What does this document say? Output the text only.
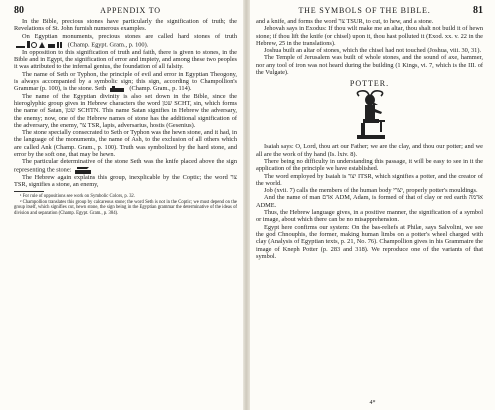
80	APPENDIX TO

In the Bible, precious stones have particularly the signification of truth; the Revelations of St. John furnish numerous examples.

On Egyptian monuments, precious stones are called hard stones of truth
(Champ. Egypt. Gram., p. 100).

In opposition to this signification of truth and faith, there is given to stones, in the Bible and in Egypt, the signification of error and impiety, and among these two peoples it was attributed to the infernal genius, the foundation of all falsity.

The name of Seth or Typhon, the principle of evil and error in Egyptian Theogony, is always accompanied by a symbolic sign; this sign, according to Champollion's Grammar (p. 100), is the stone. Seth	(Champ. Gram., p. 114).

The name of the Egyptian divinity is also set down in the Bible, since the hieroglyphic group gives in Hebrew characters the word שטן SCHT, sin, which forms the name of Satan, שטן SCHTN. This name Satan signifies in Hebrew the adversary, the enemy; now, one of the Hebrew names of stone has the additional signification of the adversary, the enemy, צר TSR, lapis, adversarius, hostis (Gesenius).

The stone specially consecrated to Seth or Typhon was the hewn stone, and it had, in the language of the monuments, the name of Ash, to the exclusion of all others which are called Ank (Champ. Gram., p. 100). Truth was symbolized by the hard stone, and error by the soft one, that may be hewn.

The particular determinative of the stone Seth was the knife placed above the sign representing the stone:

The Hebrew again explains this group, inexplicable by the Coptic; the word צר TSR, signifies a stone, an enemy,

¹ For rule of oppositions see work on Symbolic Colors, p. 32.

² Champollion translates this group by calcareous stone; the word Seth is not in the Coptic; we must depend on the group itself, which signifies cut, hewn stone, the sign being in the Egyptian grammar the determinative of the ideas of division and separation (Champ. Egypt. Gram., p. 384).

THE SYMBOLS OF THE BIBLE.	81

and a knife, and forms the word צר TSUR, to cut, to hew, and a stone.

Jehovah says in Exodus: If thou wilt make me an altar, thou shalt not build it of hewn stone; if thou lift the knife (or chisel) upon it, thou hast polluted it (Exod. xx. v. 22 in the Hebrew, 25 in the translations).

Joshua built an altar of stones, which the chisel had not touched (Joshua, viii. 30, 31).

The Temple of Jerusalem was built of whole stones, and the sound of axe, hammer, nor any tool of iron was not heard during the building (1 Kings, vi. 7, which is the III. of the Vulgate).

POTTER.

Isaiah says: O, Lord, thou art our Father; we are the clay, and thou our potter; and we all are the work of thy hand (Is. lxiv. 8).

There being no difficulty in understanding this passage, it will be easy to see in it the application of the principle we have established.

The word employed by Isaiah is יצר ITSR, which signifies a potter, and the creator of the world.

Job (xvii. 7) calls the members of the human body יצרי, properly potter's mouldings.

And the name of man אדם ADM, Adam, is formed of that of clay or red earth אדמה ADME.

Thus, the Hebrew language gives, in a positive manner, the signification of a symbol or image, about which there can be no misapprehension.

Egypt here confirms our system: On the bas-reliefs at Philæ, says Salvolini, we see the god Chnouphis, the former, making human limbs on a potter's wheel charged with clay (Analysis of Egyptian texts, p. 21, No. 76). Champollion gives in his Grammaire the image of Kneph Potter (p. 283 and 318). We reproduce one of the variants of that symbol.

4*
